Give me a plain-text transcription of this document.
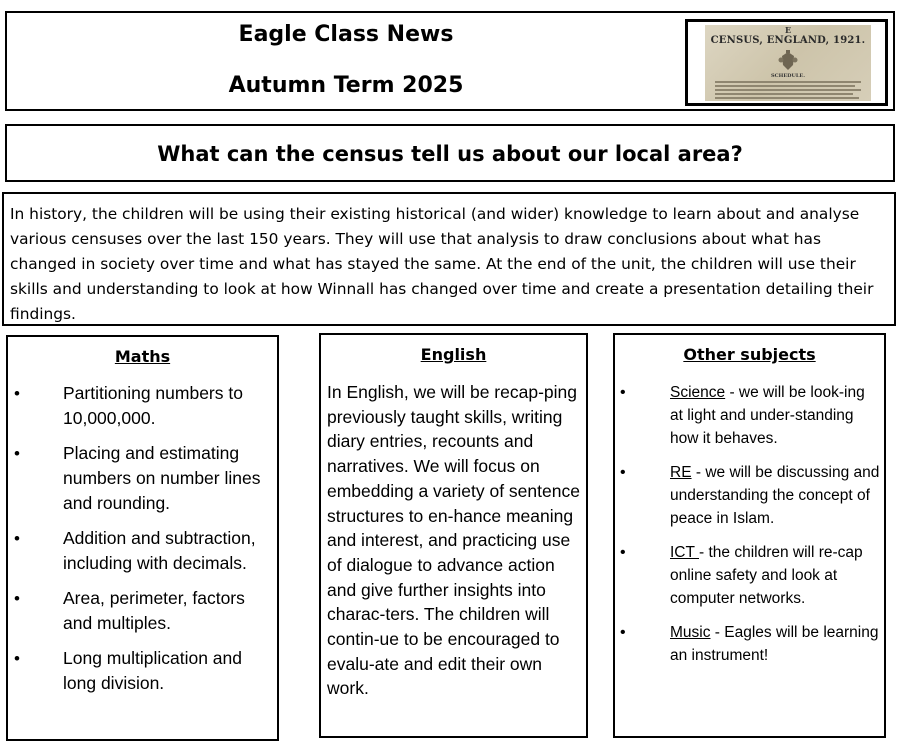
Eagle Class News
Autumn Term 2025
E
CENSUS, ENGLAND, 1921.
SCHEDULE.
What can the census tell us about our local area?
In history, the children will be using their existing historical (and wider) knowledge to learn about and analyse various censuses over the last 150 years. They will use that analysis to draw conclusions about what has changed in society over time and what has stayed the same. At the end of the unit, the children will use their skills and understanding to look at how Winnall has changed over time and create a presentation detailing their findings.
Maths
• Partitioning numbers to 10,000,000.
• Placing and estimating numbers on number lines and rounding.
• Addition and subtraction, including with decimals.
• Area, perimeter, factors and multiples.
• Long multiplication and long division.
English
In English, we will be recap-ping previously taught skills, writing diary entries, recounts and narratives. We will focus on embedding a variety of sentence structures to en-hance meaning and interest, and practicing use of dialogue to advance action and give further insights into charac-ters. The children will contin-ue to be encouraged to evalu-ate and edit their own work.
Other subjects
• Science - we will be look-ing at light and under-standing how it behaves.
• RE - we will be discussing and understanding the concept of peace in Islam.
• ICT - the children will re-cap online safety and look at computer networks.
• Music - Eagles will be learning an instrument!
